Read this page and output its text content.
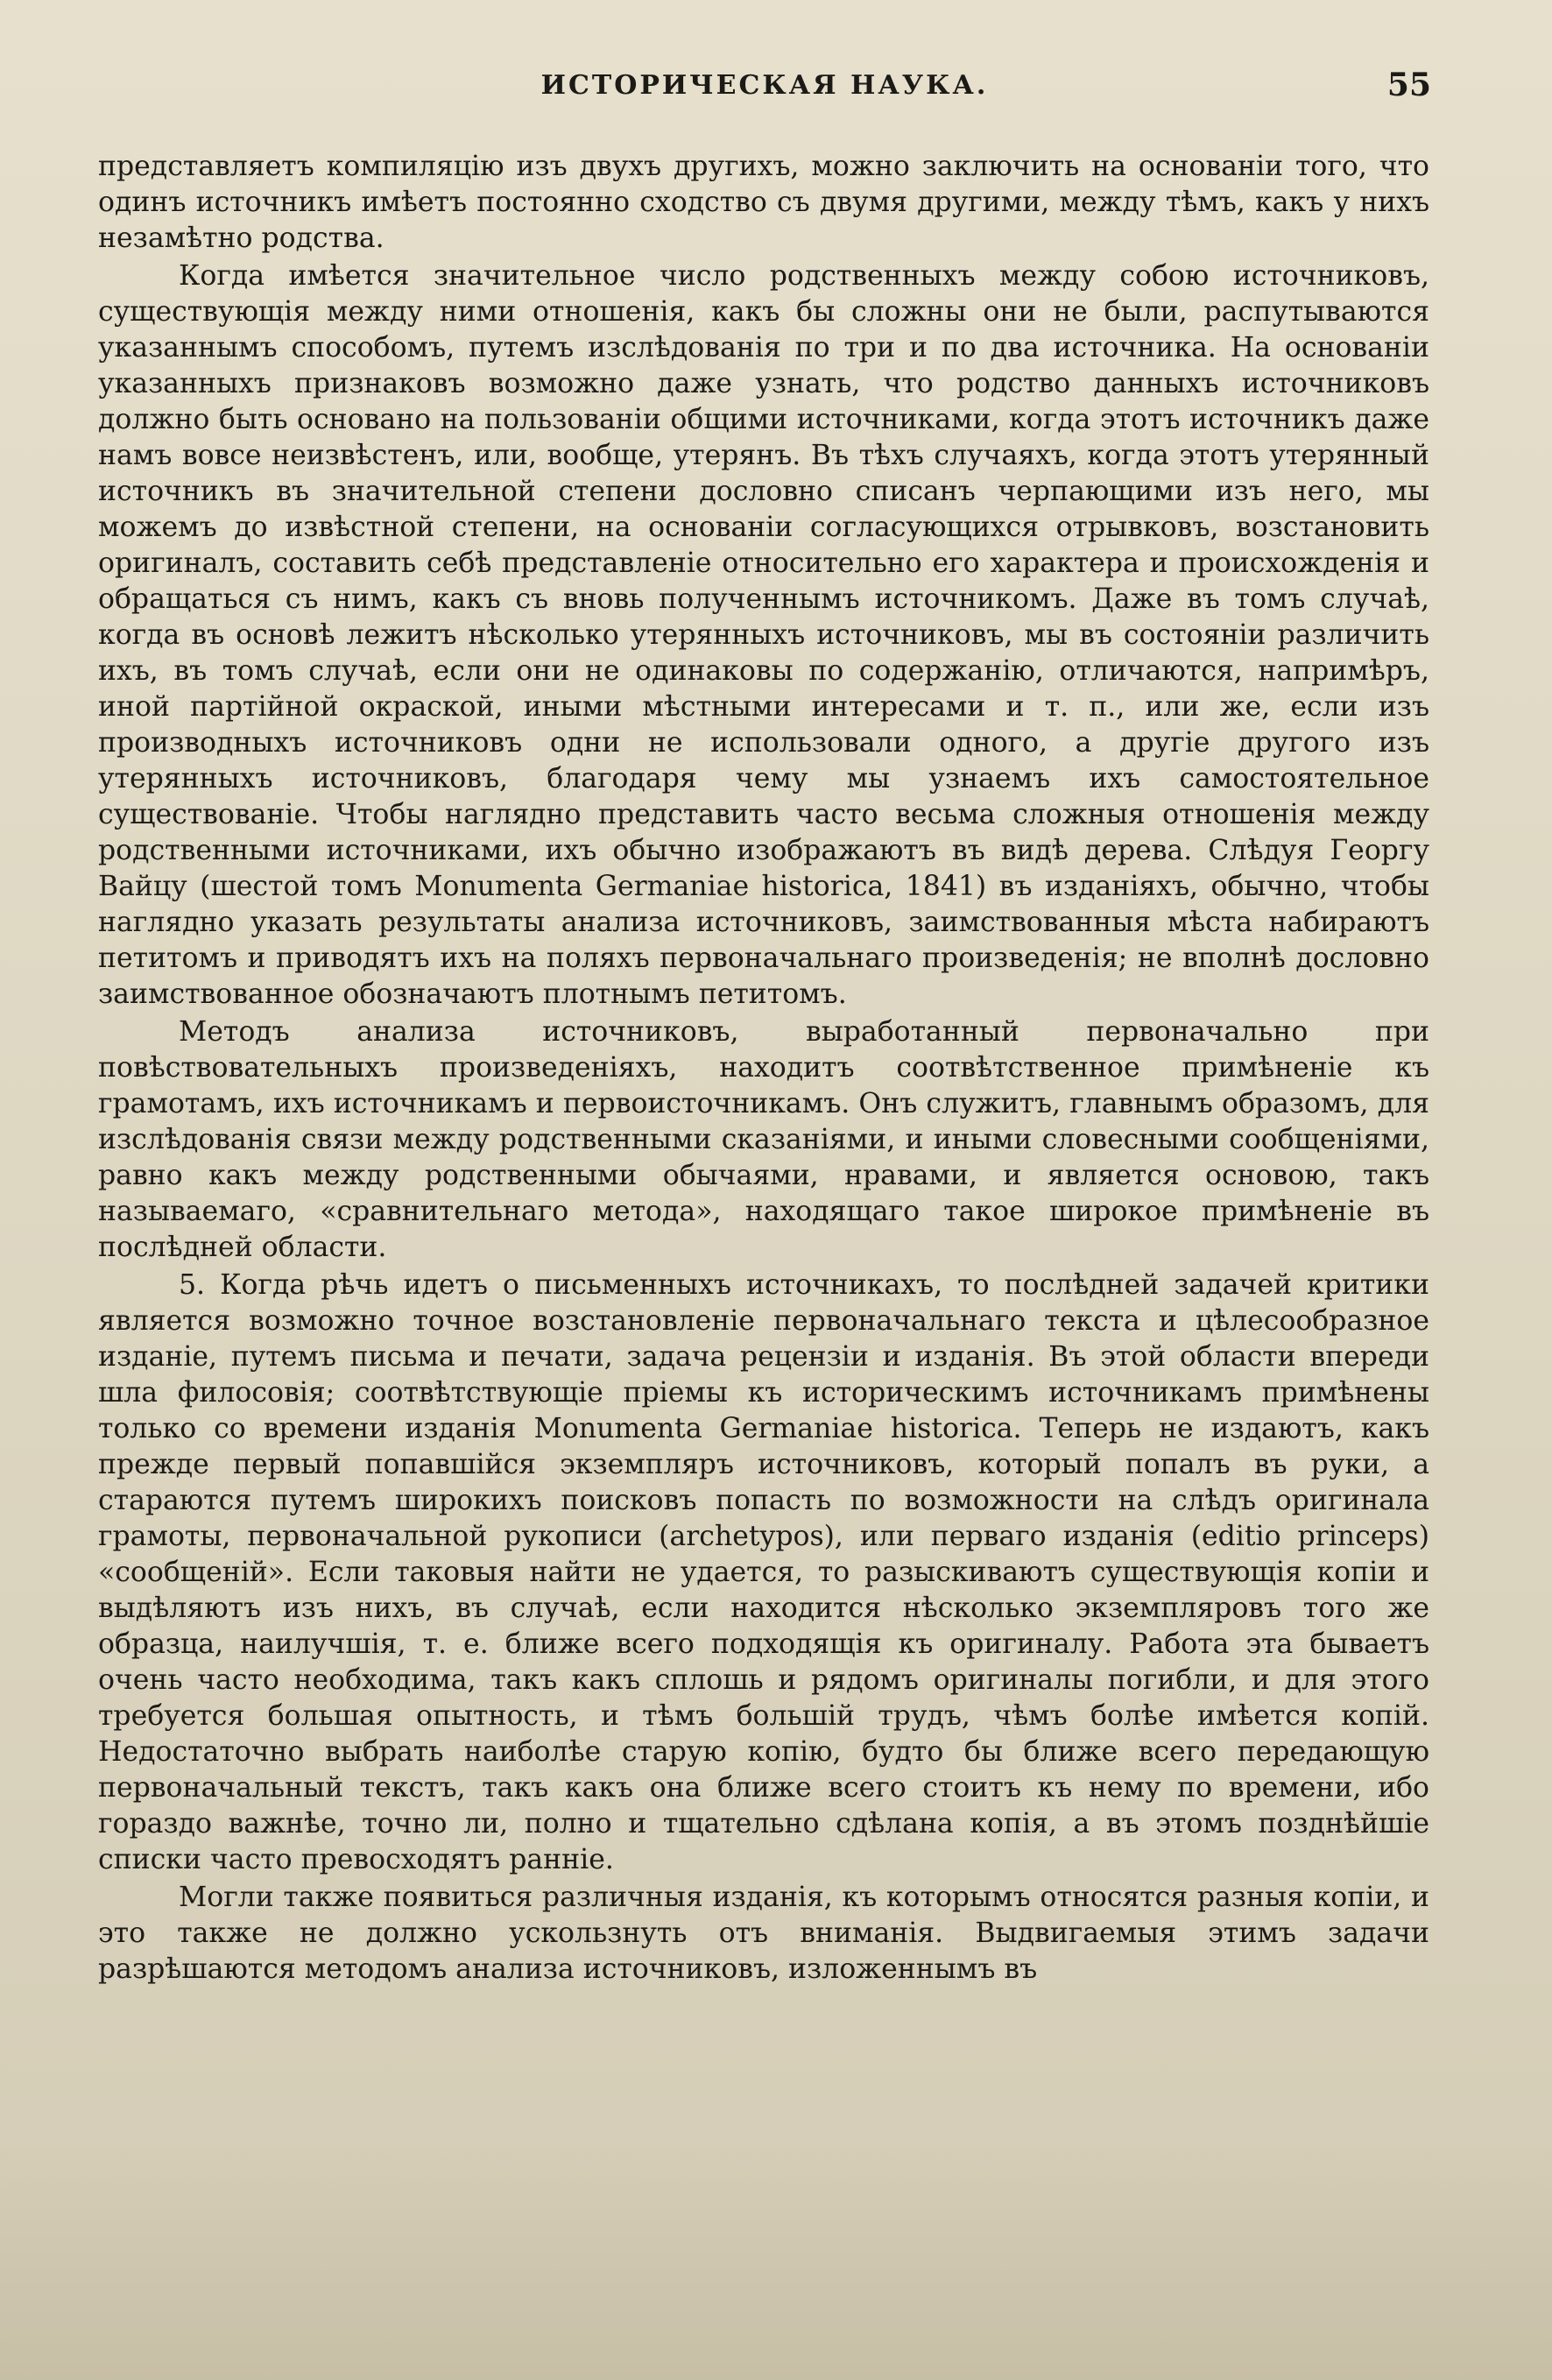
ИСТОРИЧЕСКАЯ НАУКА.	55

представляетъ компиляцію изъ двухъ другихъ, можно заключить на основаніи того, что одинъ источникъ имѣетъ постоянно сходство съ двумя другими, между тѣмъ, какъ у нихъ незамѣтно родства.

Когда имѣется значительное число родственныхъ между собою источниковъ, существующія между ними отношенія, какъ бы сложны они не были, распутываются указаннымъ способомъ, путемъ изслѣдованія по три и по два источника. На основаніи указанныхъ признаковъ возможно даже узнать, что родство данныхъ источниковъ должно быть основано на пользованіи общими источниками, когда этотъ источникъ даже намъ вовсе неизвѣстенъ, или, вообще, утерянъ. Въ тѣхъ случаяхъ, когда этотъ утерянный источникъ въ значительной степени дословно списанъ черпающими изъ него, мы можемъ до извѣстной степени, на основаніи согласующихся отрывковъ, возстановить оригиналъ, составить себѣ представленіе относительно его характера и происхожденія и обращаться съ нимъ, какъ съ вновь полученнымъ источникомъ. Даже въ томъ случаѣ, когда въ основѣ лежитъ нѣсколько утерянныхъ источниковъ, мы въ состояніи различить ихъ, въ томъ случаѣ, если они не одинаковы по содержанію, отличаются, напримѣръ, иной партійной окраской, иными мѣстными интересами и т. п., или же, если изъ производныхъ источниковъ одни не использовали одного, а другіе другого изъ утерянныхъ источниковъ, благодаря чему мы узнаемъ ихъ самостоятельное существованіе. Чтобы наглядно представить часто весьма сложныя отношенія между родственными источниками, ихъ обычно изображаютъ въ видѣ дерева. Слѣдуя Георгу Вайцу (шестой томъ Monumenta Germaniae historica, 1841) въ изданіяхъ, обычно, чтобы наглядно указать результаты анализа источниковъ, заимствованныя мѣста набираютъ петитомъ и приводятъ ихъ на поляхъ первоначальнаго произведенія; не вполнѣ дословно заимствованное обозначаютъ плотнымъ петитомъ.

Методъ анализа источниковъ, выработанный первоначально при повѣствовательныхъ произведеніяхъ, находитъ соотвѣтственное примѣненіе къ грамотамъ, ихъ источникамъ и первоисточникамъ. Онъ служитъ, главнымъ образомъ, для изслѣдованія связи между родственными сказаніями, и иными словесными сообщеніями, равно какъ между родственными обычаями, нравами, и является основою, такъ называемаго, «сравнительнаго метода», находящаго такое широкое примѣненіе въ послѣдней области.

5. Когда рѣчь идетъ о письменныхъ источникахъ, то послѣдней задачей критики является возможно точное возстановленіе первоначальнаго текста и цѣлесообразное изданіе, путемъ письма и печати, задача рецензіи и изданія. Въ этой области впереди шла филосовія; соотвѣтствующіе пріемы къ историческимъ источникамъ примѣнены только со времени изданія Monumenta Germaniae historica. Теперь не издаютъ, какъ прежде первый попавшійся экземпляръ источниковъ, который попалъ въ руки, а стараются путемъ широкихъ поисковъ попасть по возможности на слѣдъ оригинала грамоты, первоначальной рукописи (archetypos), или перваго изданія (editio princeps) «сообщеній». Если таковыя найти не удается, то разыскиваютъ существующія копіи и выдѣляютъ изъ нихъ, въ случаѣ, если находится нѣсколько экземпляровъ того же образца, наилучшія, т. е. ближе всего подходящія къ оригиналу. Работа эта бываетъ очень часто необходима, такъ какъ сплошь и рядомъ оригиналы погибли, и для этого требуется большая опытность, и тѣмъ большій трудъ, чѣмъ болѣе имѣется копій. Недостаточно выбрать наиболѣе старую копію, будто бы ближе всего передающую первоначальный текстъ, такъ какъ она ближе всего стоитъ къ нему по времени, ибо гораздо важнѣе, точно ли, полно и тщательно сдѣлана копія, а въ этомъ позднѣйшіе списки часто превосходятъ ранніе.

Могли также появиться различныя изданія, къ которымъ относятся разныя копіи, и это также не должно ускользнуть отъ вниманія. Выдвигаемыя этимъ задачи разрѣшаются методомъ анализа источниковъ, изложеннымъ въ
